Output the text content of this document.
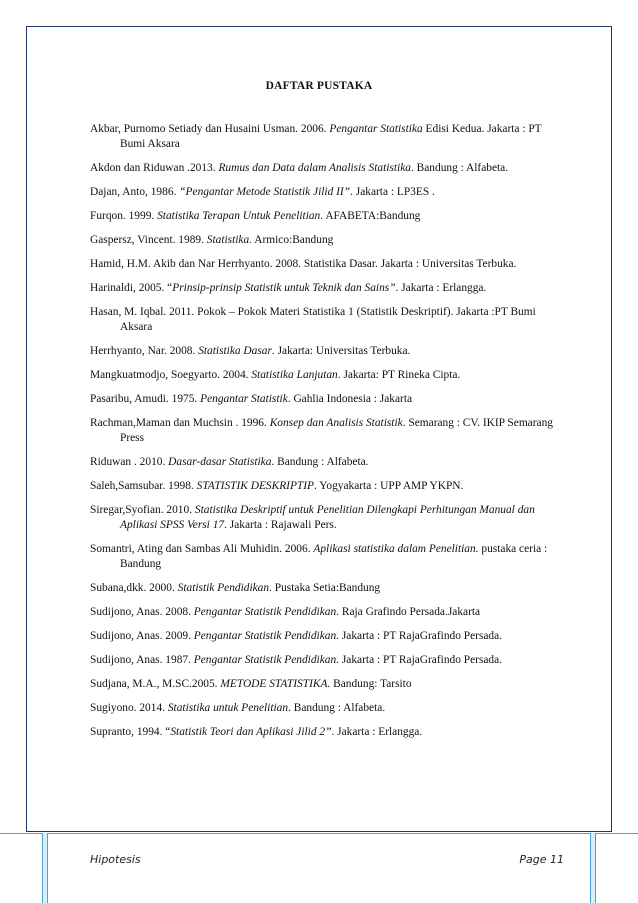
DAFTAR PUSTAKA
Akbar, Purnomo Setiady dan Husaini Usman. 2006. Pengantar Statistika Edisi Kedua. Jakarta : PT Bumi Aksara
Akdon dan Riduwan .2013. Rumus dan Data dalam Analisis Statistika. Bandung : Alfabeta.
Dajan, Anto, 1986. “Pengantar Metode Statistik Jilid II”. Jakarta : LP3ES .
Furqon. 1999. Statistika Terapan Untuk Penelitian. AFABETA:Bandung
Gaspersz, Vincent. 1989. Statistika. Armico:Bandung
Hamid, H.M. Akib dan Nar Herrhyanto. 2008. Statistika Dasar. Jakarta : Universitas Terbuka.
Harinaldi, 2005. “Prinsip-prinsip Statistik untuk Teknik dan Sains”. Jakarta : Erlangga.
Hasan, M. Iqbal. 2011. Pokok – Pokok Materi Statistika 1 (Statistik Deskriptif). Jakarta :PT Bumi Aksara
Herrhyanto, Nar. 2008. Statistika Dasar. Jakarta: Universitas Terbuka.
Mangkuatmodjo, Soegyarto. 2004. Statistika Lanjutan. Jakarta: PT Rineka Cipta.
Pasaribu, Amudi. 1975. Pengantar Statistik. Gahlia Indonesia : Jakarta
Rachman,Maman dan Muchsin . 1996. Konsep dan Analisis Statistik. Semarang : CV. IKIP Semarang Press
Riduwan . 2010. Dasar-dasar Statistika. Bandung : Alfabeta.
Saleh,Samsubar. 1998. STATISTIK DESKRIPTIP. Yogyakarta : UPP AMP YKPN.
Siregar,Syofian. 2010. Statistika Deskriptif untuk Penelitian Dilengkapi Perhitungan Manual dan Aplikasi SPSS Versi 17. Jakarta : Rajawali Pers.
Somantri, Ating dan Sambas Ali Muhidin. 2006. Aplikasi statistika dalam Penelitian. pustaka ceria : Bandung
Subana,dkk. 2000. Statistik Pendidikan. Pustaka Setia:Bandung
Sudijono, Anas. 2008. Pengantar Statistik Pendidikan. Raja Grafindo Persada.Jakarta
Sudijono, Anas. 2009. Pengantar Statistik Pendidikan. Jakarta : PT RajaGrafindo Persada.
Sudijono, Anas. 1987. Pengantar Statistik Pendidikan. Jakarta : PT RajaGrafindo Persada.
Sudjana, M.A., M.SC.2005. METODE STATISTIKA. Bandung: Tarsito
Sugiyono. 2014. Statistika untuk Penelitian. Bandung : Alfabeta.
Supranto, 1994. “Statistik Teori dan Aplikasi Jilid 2”. Jakarta : Erlangga.
Hipotesis	Page 11
